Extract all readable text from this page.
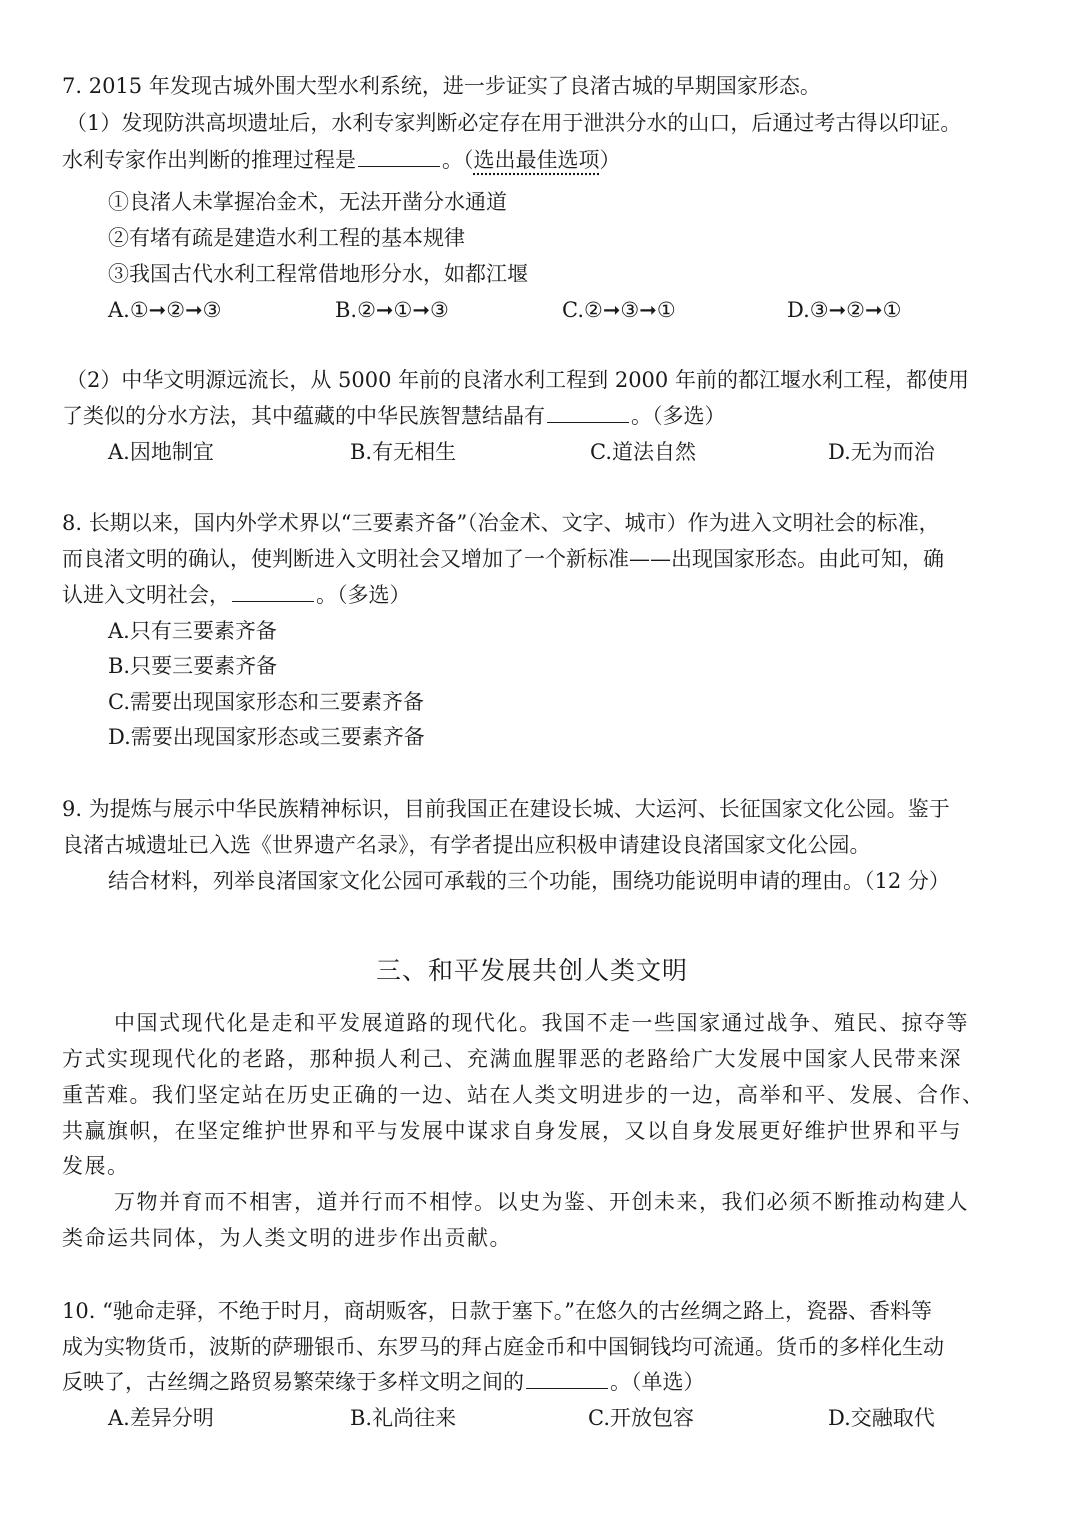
7. 2015 年发现古城外围大型水利系统，进一步证实了良渚古城的早期国家形态。
（1）发现防洪高坝遗址后，水利专家判断必定存在用于泄洪分水的山口，后通过考古得以印证。
水利专家作出判断的推理过程是	。（选出最佳选项）
①良渚人未掌握冶金术，无法开凿分水通道
②有堵有疏是建造水利工程的基本规律
③我国古代水利工程常借地形分水，如都江堰
A.①➞②➞③	B.②➞①➞③	C.②➞③➞①	D.③➞②➞①
（2）中华文明源远流长，从 5000 年前的良渚水利工程到 2000 年前的都江堰水利工程，都使用
了类似的分水方法，其中蕴藏的中华民族智慧结晶有	。（多选）
A.因地制宜	B.有无相生	C.道法自然	D.无为而治
8. 长期以来，国内外学术界以“三要素齐备”（冶金术、文字、城市）作为进入文明社会的标准，
而良渚文明的确认，使判断进入文明社会又增加了一个新标准——出现国家形态。由此可知，确
认进入文明社会，	。（多选）
A.只有三要素齐备
B.只要三要素齐备
C.需要出现国家形态和三要素齐备
D.需要出现国家形态或三要素齐备
9. 为提炼与展示中华民族精神标识，目前我国正在建设长城、大运河、长征国家文化公园。鉴于
良渚古城遗址已入选《世界遗产名录》，有学者提出应积极申请建设良渚国家文化公园。
结合材料，列举良渚国家文化公园可承载的三个功能，围绕功能说明申请的理由。（12 分）
三、和平发展共创人类文明
中国式现代化是走和平发展道路的现代化。我国不走一些国家通过战争、殖民、掠夺等
方式实现现代化的老路，那种损人利己、充满血腥罪恶的老路给广大发展中国家人民带来深
重苦难。我们坚定站在历史正确的一边、站在人类文明进步的一边，高举和平、发展、合作、
共赢旗帜，在坚定维护世界和平与发展中谋求自身发展，又以自身发展更好维护世界和平与
发展。
万物并育而不相害，道并行而不相悖。以史为鉴、开创未来，我们必须不断推动构建人
类命运共同体，为人类文明的进步作出贡献。
10. “驰命走驿，不绝于时月，商胡贩客，日款于塞下。”在悠久的古丝绸之路上，瓷器、香料等
成为实物货币，波斯的萨珊银币、东罗马的拜占庭金币和中国铜钱均可流通。货币的多样化生动
反映了，古丝绸之路贸易繁荣缘于多样文明之间的	。（单选）
A.差异分明	B.礼尚往来	C.开放包容	D.交融取代
